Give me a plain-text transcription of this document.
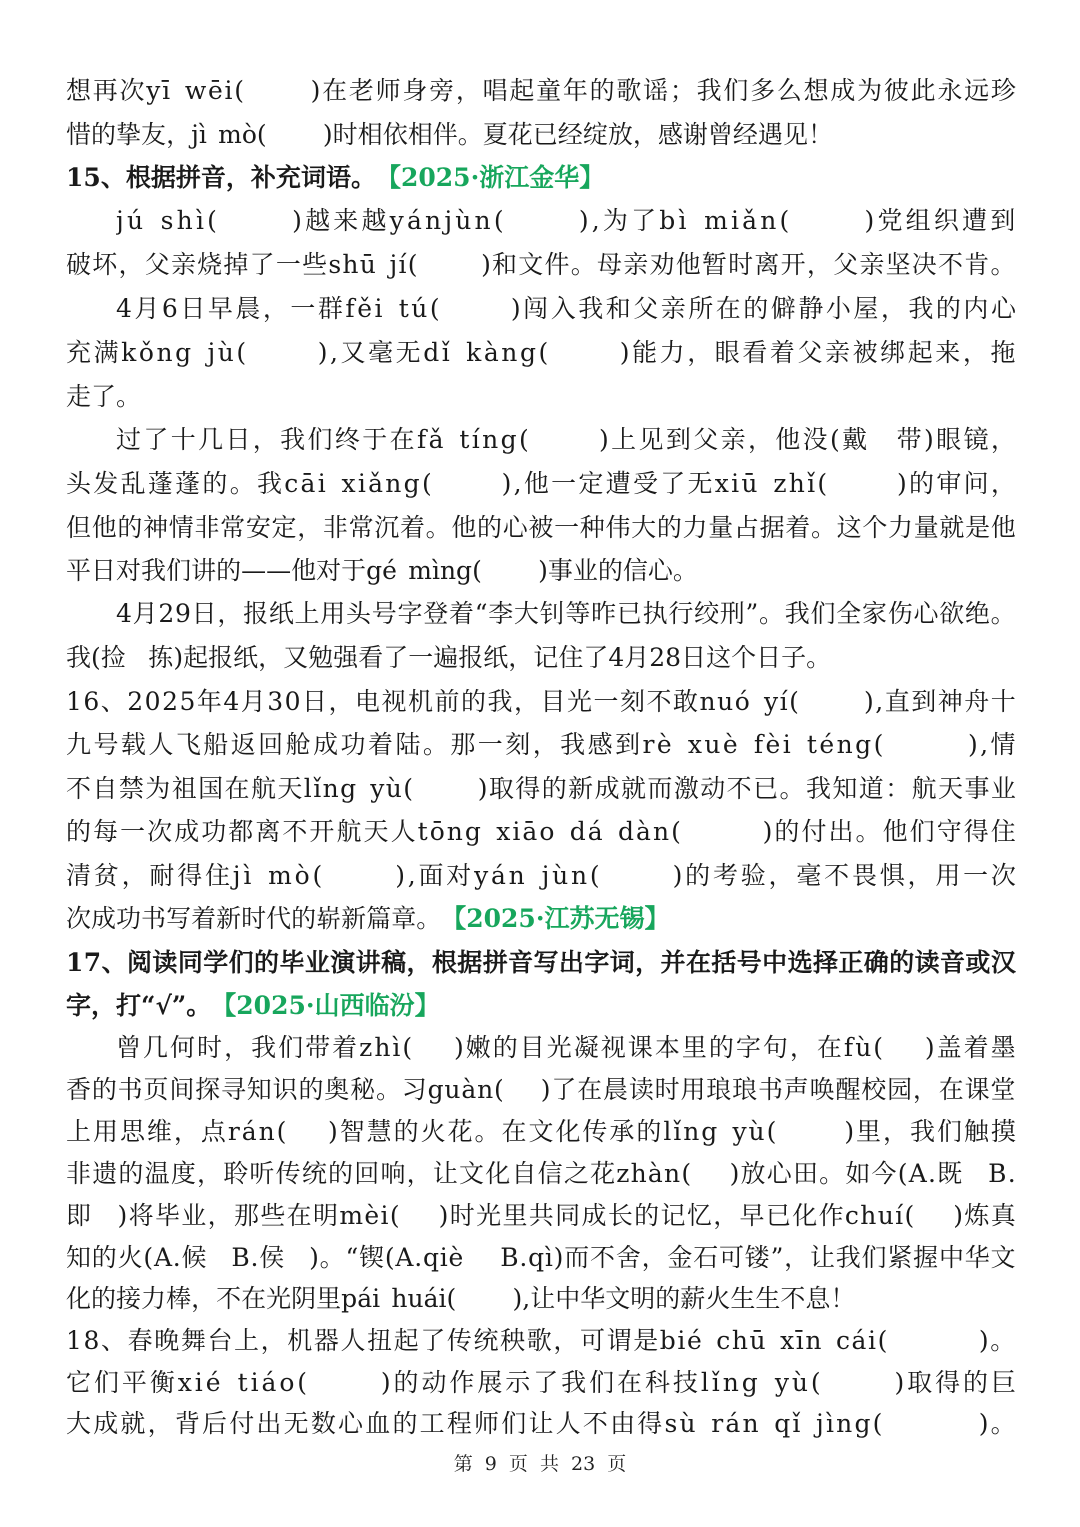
想 再 次 y ī w ē i (	) 在 老 师 身 旁 ， 唱 起 童 年 的 歌 谣 ； 我 们 多 么 想 成 为 彼 此 永 远 珍
惜 的 挚 友 ， j ì m ò ( ) 时 相 依 相 伴 。 夏 花 已 经 绽 放 ， 感 谢 曾 经 遇 见 ！
1 5 、 根 据 拼 音 ， 补 充 词 语 。 【2025·浙江金华】
j ú s h ì (	) 越 来 越 y á n j ù n (	) , 为 了 b ì m i ǎ n (	) 党 组 织 遭 到
破 坏 ， 父 亲 烧 掉 了 一 些 s h ū j í (	) 和 文 件 。 母 亲 劝 他 暂 时 离 开 ， 父 亲 坚 决 不 肯 。
4 月 6 日 早 晨 ， 一 群 f ě i t ú (	) 闯 入 我 和 父 亲 所 在 的 僻 静 小 屋 ， 我 的 内 心
充 满 k ǒ n g j ù (	) , 又 毫 无 d ǐ k à n g (	) 能 力 ， 眼 看 着 父 亲 被 绑 起 来 ， 拖
走 了 。
过 了 十 几 日 ， 我 们 终 于 在 f ǎ t í n g (	) 上 见 到 父 亲 ， 他 没 ( 戴 带 ) 眼 镜 ，
头 发 乱 蓬 蓬 的 。 我 c ā i x i ǎ n g (	) , 他 一 定 遭 受 了 无 x i ū z h ǐ (	) 的 审 问 ，
但 他 的 神 情 非 常 安 定 ， 非 常 沉 着 。 他 的 心 被 一 种 伟 大 的 力 量 占 据 着 。 这 个 力 量 就 是 他
平 日 对 我 们 讲 的 — — 他 对 于 g é m ì n g ( ) 事 业 的 信 心 。
4 月 2 9 日 ， 报 纸 上 用 头 号 字 登 着 “ 李 大 钊 等 昨 已 执 行 绞 刑 ” 。 我 们 全 家 伤 心 欲 绝 。
我 ( 捡 拣 ) 起 报 纸 ， 又 勉 强 看 了 一 遍 报 纸 ， 记 住 了 4 月 2 8 日 这 个 日 子 。
1 6 、 2 0 2 5 年 4 月 3 0 日 ， 电 视 机 前 的 我 ， 目 光 一 刻 不 敢 n u ó y í (	) , 直 到 神 舟 十
九 号 载 人 飞 船 返 回 舱 成 功 着 陆 。 那 一 刻 ， 我 感 到 r è x u è f è i t é n g (	) , 情
不 自 禁 为 祖 国 在 航 天 l ǐ n g y ù (	) 取 得 的 新 成 就 而 激 动 不 已 。 我 知 道 ： 航 天 事 业
的 每 一 次 成 功 都 离 不 开 航 天 人 t ō n g x i ā o d á d à n (	) 的 付 出 。 他 们 守 得 住
清 贫 ， 耐 得 住 j ì m ò (	) , 面 对 y á n j ù n (	) 的 考 验 ， 毫 不 畏 惧 ， 用 一 次
次 成 功 书 写 着 新 时 代 的 崭 新 篇 章 。 【2025·江苏无锡】
1 7 、 阅 读 同 学 们 的 毕 业 演 讲 稿 ， 根 据 拼 音 写 出 字 词 ， 并 在 括 号 中 选 择 正 确 的 读 音 或 汉
字 ， 打 “ √ ” 。 【2025·山西临汾】
曾 几 何 时 ， 我 们 带 着 z h ì ( ) 嫩 的 目 光 凝 视 课 本 里 的 字 句 ， 在 f ù ( ) 盖 着 墨
香 的 书 页 间 探 寻 知 识 的 奥 秘 。 习 g u à n ( ) 了 在 晨 读 时 用 琅 琅 书 声 唤 醒 校 园 ， 在 课 堂
上 用 思 维 ， 点 r á n ( ) 智 慧 的 火 花 。 在 文 化 传 承 的 l ǐ n g y ù (	) 里 ， 我 们 触 摸
非 遗 的 温 度 ， 聆 听 传 统 的 回 响 ， 让 文 化 自 信 之 花 z h à n ( ) 放 心 田 。 如 今 ( A . 既 B .
即 ) 将 毕 业 ， 那 些 在 明 m è i ( ) 时 光 里 共 同 成 长 的 记 忆 ， 早 已 化 作 c h u í ( ) 炼 真
知 的 火 ( A . 候 B . 侯 ) 。 “ 锲 ( A . q i è B . q ì ) 而 不 舍 ， 金 石 可 镂 ” ， 让 我 们 紧 握 中 华 文
化 的 接 力 棒 ， 不 在 光 阴 里 p á i h u á i ( ) , 让 中 华 文 明 的 薪 火 生 生 不 息 ！
1 8 、 春 晚 舞 台 上 ， 机 器 人 扭 起 了 传 统 秧 歌 ， 可 谓 是 b i é c h ū x ī n c á i (	) 。
它 们 平 衡 x i é t i á o (	) 的 动 作 展 示 了 我 们 在 科 技 l ǐ n g y ù (	) 取 得 的 巨
大 成 就 ， 背 后 付 出 无 数 心 血 的 工 程 师 们 让 人 不 由 得 s ù r á n q ǐ j ì n g (	) 。
第 9 页 共 23 页
